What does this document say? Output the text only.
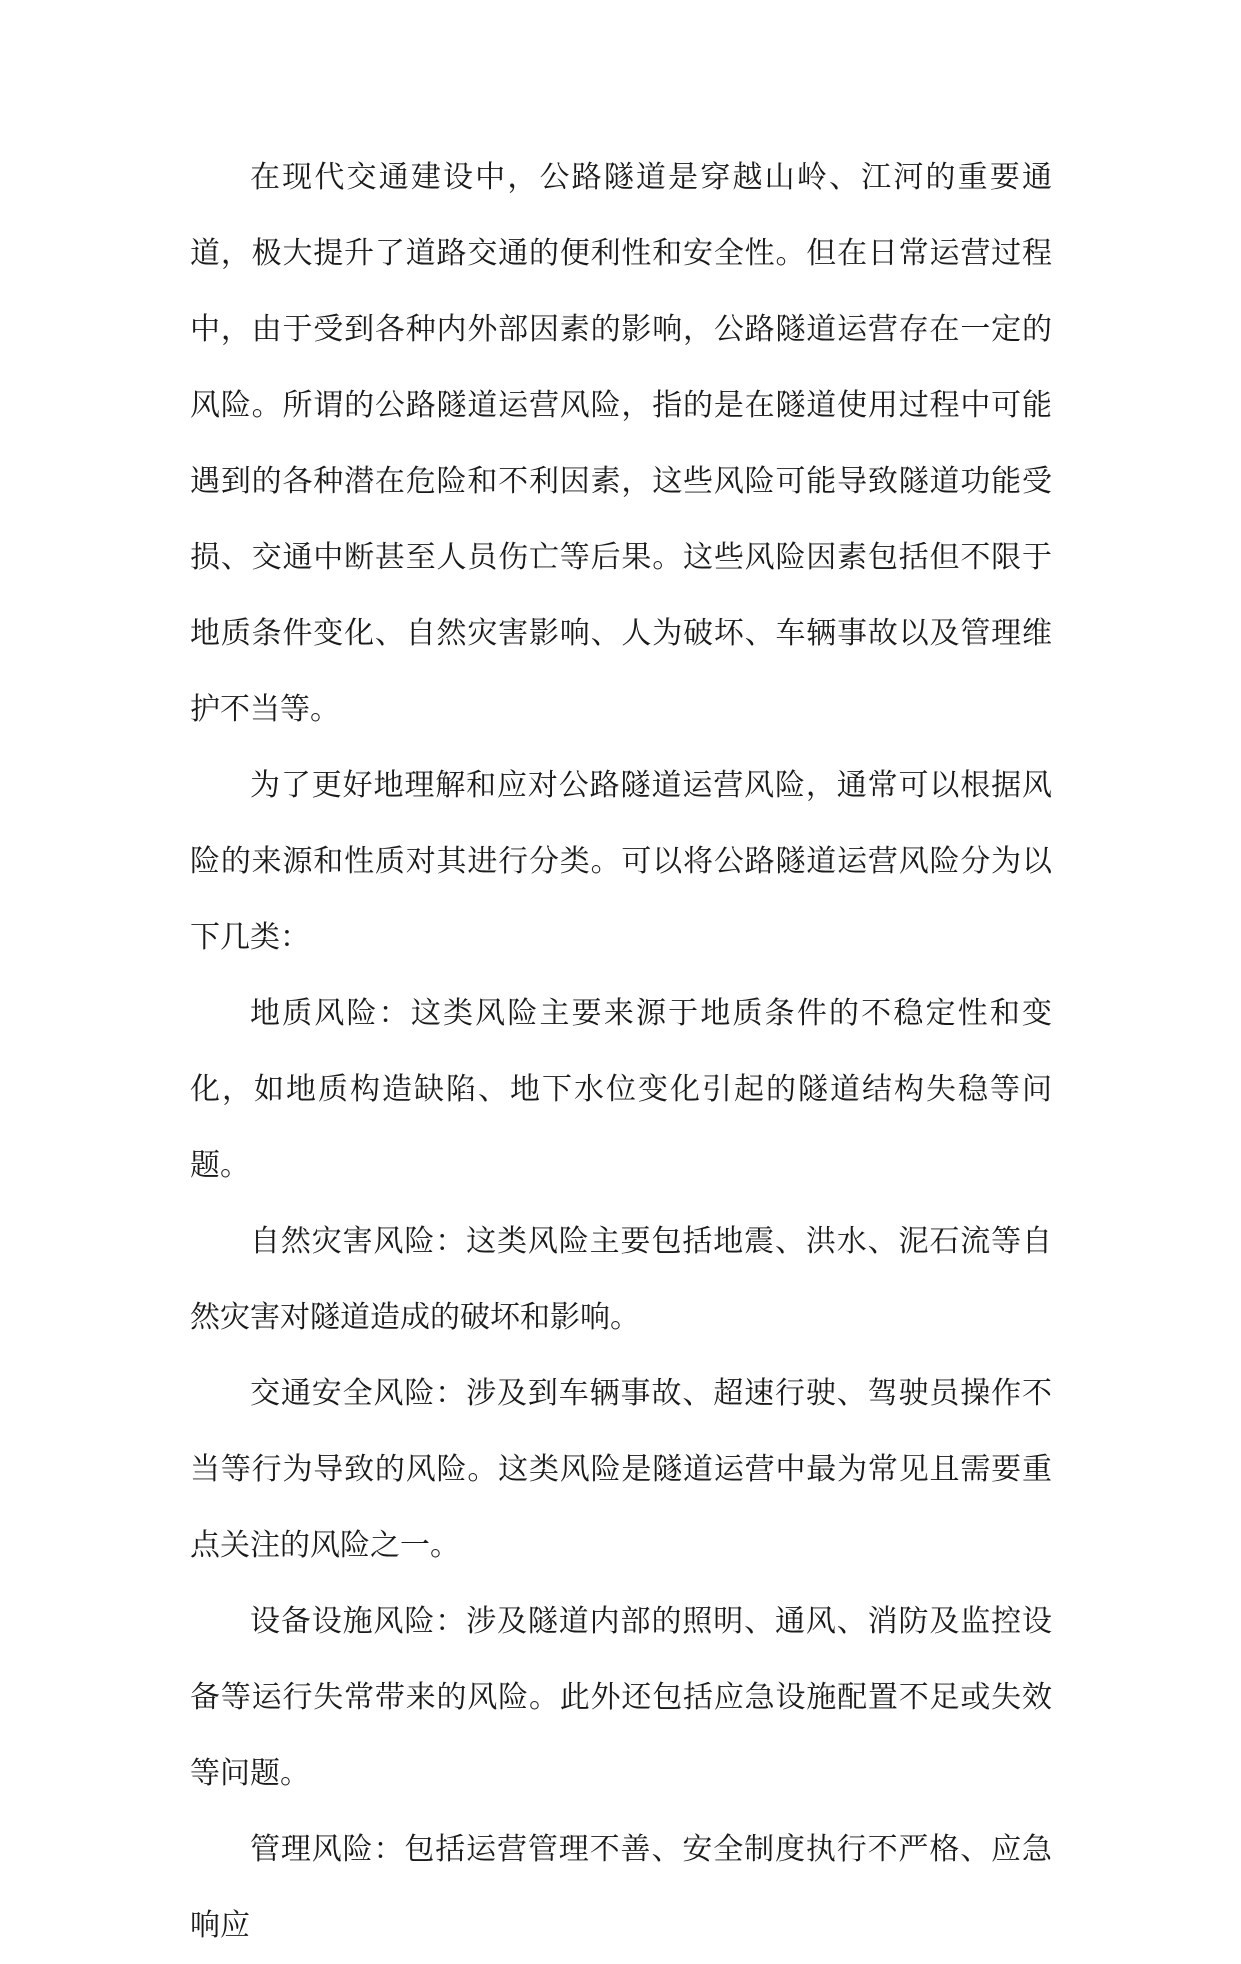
在现代交通建设中，公路隧道是穿越山岭、江河的重要通道，极大提升了道路交通的便利性和安全性。但在日常运营过程中，由于受到各种内外部因素的影响，公路隧道运营存在一定的风险。所谓的公路隧道运营风险，指的是在隧道使用过程中可能遇到的各种潜在危险和不利因素，这些风险可能导致隧道功能受损、交通中断甚至人员伤亡等后果。这些风险因素包括但不限于地质条件变化、自然灾害影响、人为破坏、车辆事故以及管理维护不当等。

为了更好地理解和应对公路隧道运营风险，通常可以根据风险的来源和性质对其进行分类。可以将公路隧道运营风险分为以下几类：

地质风险：这类风险主要来源于地质条件的不稳定性和变化，如地质构造缺陷、地下水位变化引起的隧道结构失稳等问题。

自然灾害风险：这类风险主要包括地震、洪水、泥石流等自然灾害对隧道造成的破坏和影响。

交通安全风险：涉及到车辆事故、超速行驶、驾驶员操作不当等行为导致的风险。这类风险是隧道运营中最为常见且需要重点关注的风险之一。

设备设施风险：涉及隧道内部的照明、通风、消防及监控设备等运行失常带来的风险。此外还包括应急设施配置不足或失效等问题。

管理风险：包括运营管理不善、安全制度执行不严格、应急响应
